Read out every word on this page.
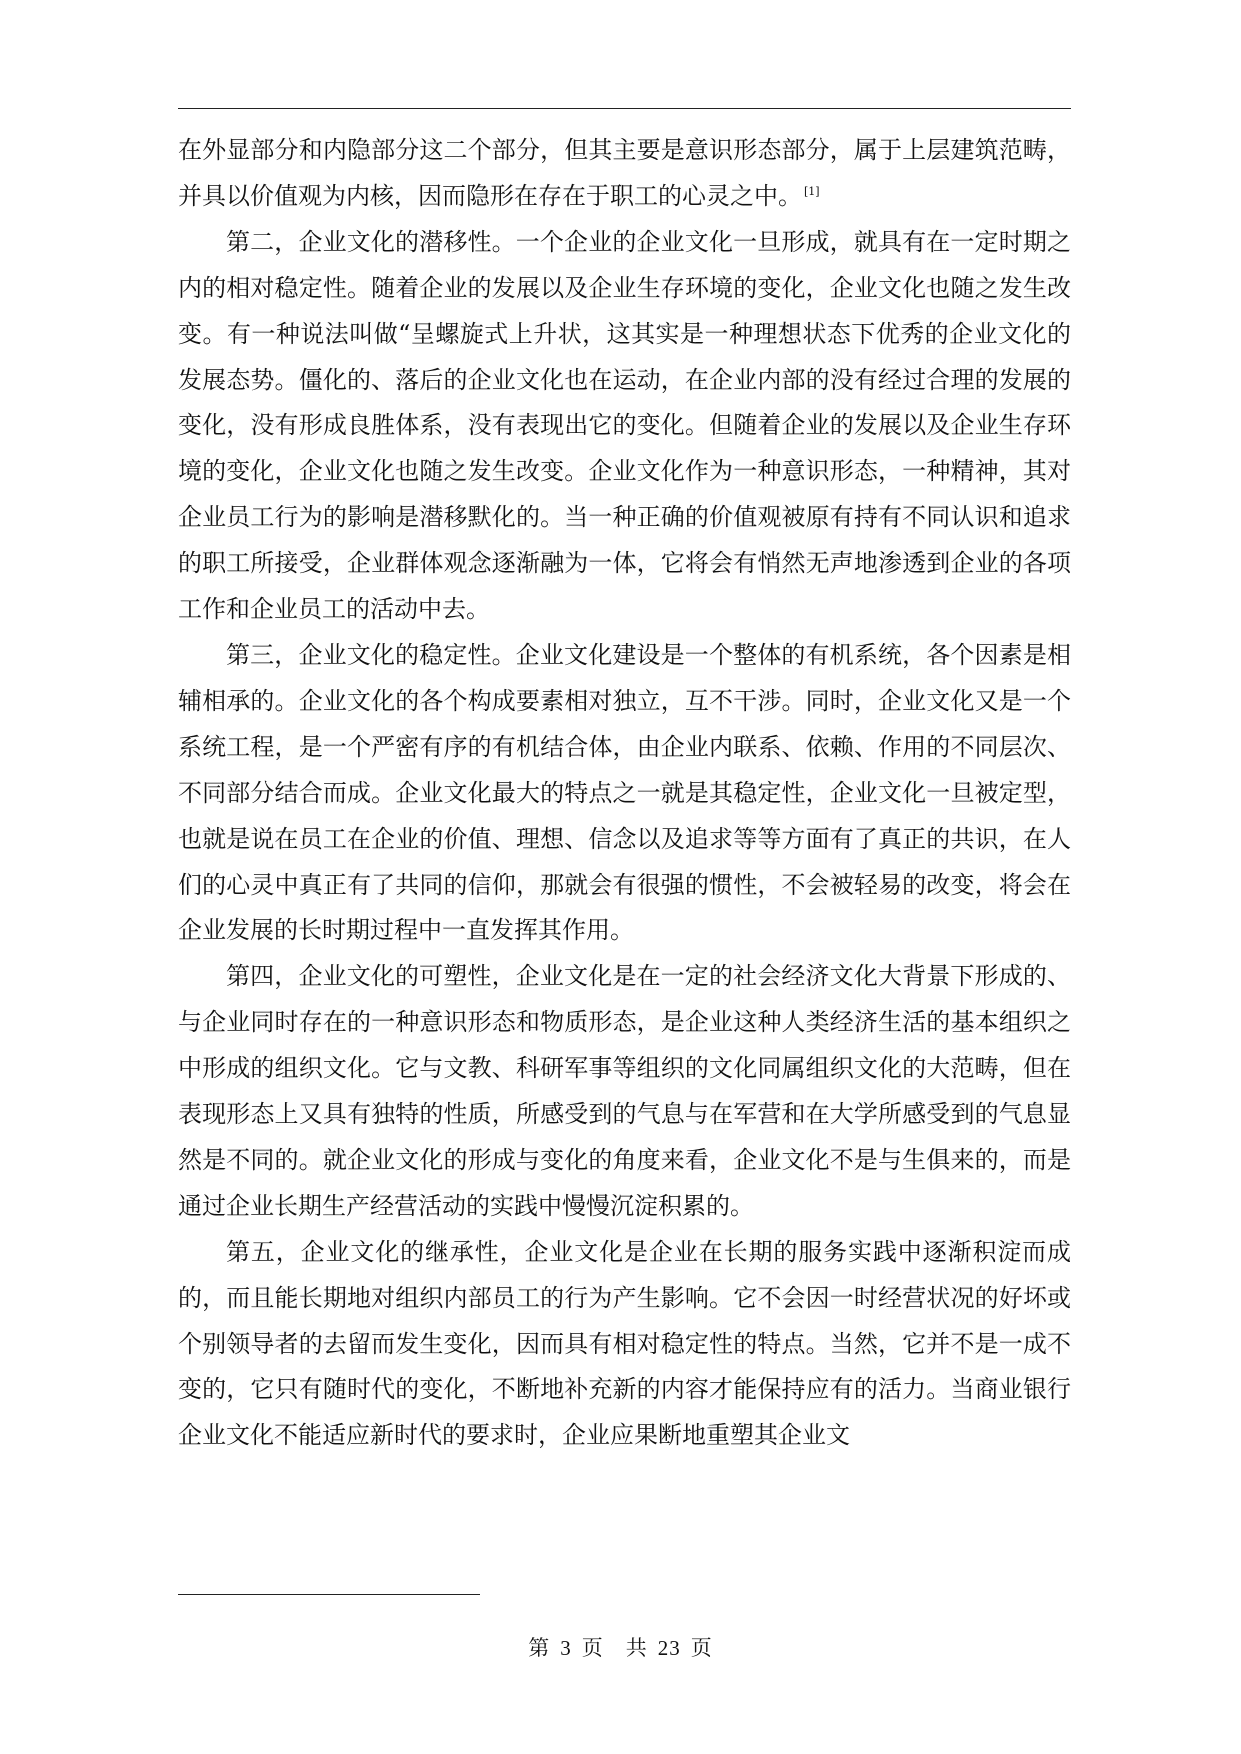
在外显部分和内隐部分这二个部分，但其主要是意识形态部分，属于上层建筑范畴，并具以价值观为内核，因而隐形在存在于职工的心灵之中。 [1]

第二，企业文化的潜移性。一个企业的企业文化一旦形成，就具有在一定时期之内的相对稳定性。随着企业的发展以及企业生存环境的变化，企业文化也随之发生改变。有一种说法叫做“呈螺旋式上升状，这其实是一种理想状态下优秀的企业文化的发展态势。僵化的、落后的企业文化也在运动，在企业内部的没有经过合理的发展的变化，没有形成良胜体系，没有表现出它的变化。但随着企业的发展以及企业生存环境的变化，企业文化也随之发生改变。企业文化作为一种意识形态，一种精神，其对企业员工行为的影响是潜移默化的。当一种正确的价值观被原有持有不同认识和追求的职工所接受，企业群体观念逐渐融为一体，它将会有悄然无声地渗透到企业的各项工作和企业员工的活动中去。

第三，企业文化的稳定性。企业文化建设是一个整体的有机系统，各个因素是相辅相承的。企业文化的各个构成要素相对独立，互不干涉。同时，企业文化又是一个系统工程，是一个严密有序的有机结合体，由企业内联系、依赖、作用的不同层次、不同部分结合而成。企业文化最大的特点之一就是其稳定性，企业文化一旦被定型，也就是说在员工在企业的价值、理想、信念以及追求等等方面有了真正的共识，在人们的心灵中真正有了共同的信仰，那就会有很强的惯性，不会被轻易的改变，将会在企业发展的长时期过程中一直发挥其作用。

第四，企业文化的可塑性，企业文化是在一定的社会经济文化大背景下形成的、与企业同时存在的一种意识形态和物质形态，是企业这种人类经济生活的基本组织之中形成的组织文化。它与文教、科研军事等组织的文化同属组织文化的大范畴，但在表现形态上又具有独特的性质，所感受到的气息与在军营和在大学所感受到的气息显然是不同的。就企业文化的形成与变化的角度来看，企业文化不是与生俱来的，而是通过企业长期生产经营活动的实践中慢慢沉淀积累的。

第五，企业文化的继承性，企业文化是企业在长期的服务实践中逐渐积淀而成的，而且能长期地对组织内部员工的行为产生影响。它不会因一时经营状况的好坏或个别领导者的去留而发生变化，因而具有相对稳定性的特点。当然，它并不是一成不变的，它只有随时代的变化，不断地补充新的内容才能保持应有的活力。当商业银行企业文化不能适应新时代的要求时，企业应果断地重塑其企业文

第 3 页 共 23 页
